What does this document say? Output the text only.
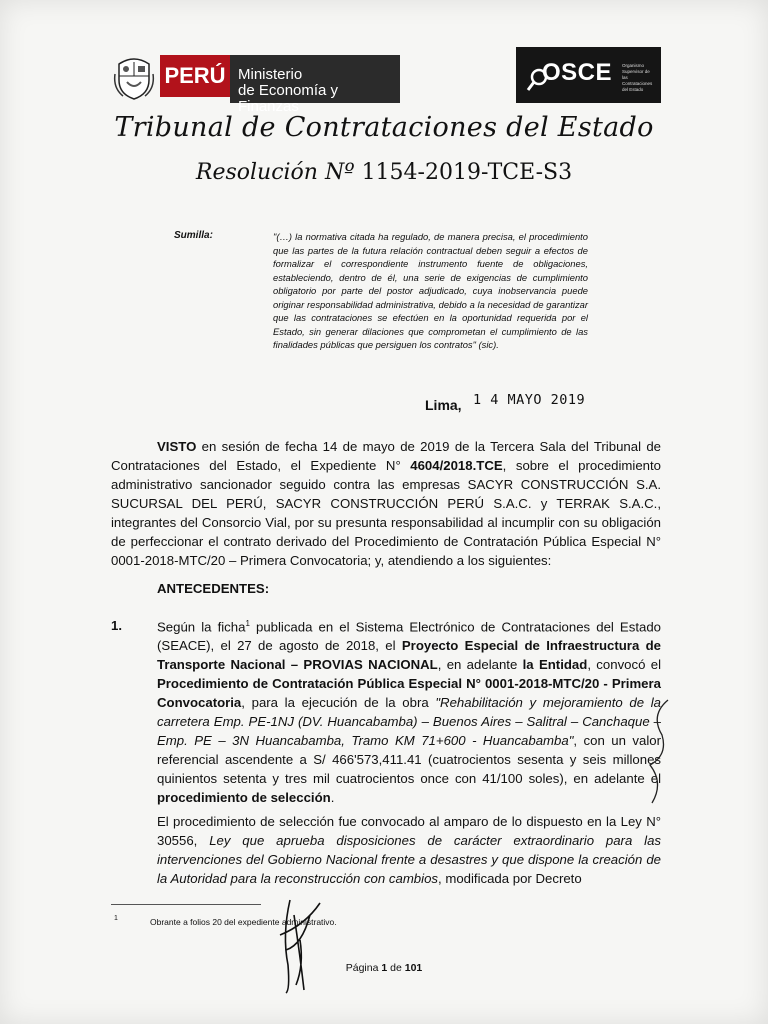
PERÚ Ministerio
de Economía y Finanzas
OSCE Organismo Supervisor de las Contrataciones del Estado
Tribunal de Contrataciones del Estado
Resolución Nº 1154-2019-TCE-S3
Sumilla:	"(…) la normativa citada ha regulado, de manera precisa, el procedimiento que las partes de la futura relación contractual deben seguir a efectos de formalizar el correspondiente instrumento fuente de obligaciones, estableciendo, dentro de él, una serie de exigencias de cumplimiento obligatorio por parte del postor adjudicado, cuya inobservancia puede originar responsabilidad administrativa, debido a la necesidad de garantizar que las contrataciones se efectúen en la oportunidad requerida por el Estado, sin generar dilaciones que comprometan el cumplimiento de las finalidades públicas que persiguen los contratos" (sic).
Lima, 1 4 MAYO 2019
VISTO en sesión de fecha 14 de mayo de 2019 de la Tercera Sala del Tribunal de Contrataciones del Estado, el Expediente N° 4604/2018.TCE, sobre el procedimiento administrativo sancionador seguido contra las empresas SACYR CONSTRUCCIÓN S.A. SUCURSAL DEL PERÚ, SACYR CONSTRUCCIÓN PERÚ S.A.C. y TERRAK S.A.C., integrantes del Consorcio Vial, por su presunta responsabilidad al incumplir con su obligación de perfeccionar el contrato derivado del Procedimiento de Contratación Pública Especial N° 0001-2018-MTC/20 – Primera Convocatoria; y, atendiendo a los siguientes:
ANTECEDENTES:
1.	Según la ficha$^1$ publicada en el Sistema Electrónico de Contrataciones del Estado (SEACE), el 27 de agosto de 2018, el Proyecto Especial de Infraestructura de Transporte Nacional – PROVIAS NACIONAL, en adelante la Entidad, convocó el Procedimiento de Contratación Pública Especial N° 0001-2018-MTC/20 - Primera Convocatoria, para la ejecución de la obra "Rehabilitación y mejoramiento de la carretera Emp. PE-1NJ (DV. Huancabamba) – Buenos Aires – Salitral – Canchaque – Emp. PE – 3N Huancabamba, Tramo KM 71+600 - Huancabamba", con un valor referencial ascendente a S/ 466'573,411.41 (cuatrocientos sesenta y seis millones quinientos setenta y tres mil cuatrocientos once con 41/100 soles), en adelante el procedimiento de selección.
El procedimiento de selección fue convocado al amparo de lo dispuesto en la Ley N° 30556, Ley que aprueba disposiciones de carácter extraordinario para las intervenciones del Gobierno Nacional frente a desastres y que dispone la creación de la Autoridad para la reconstrucción con cambios, modificada por Decreto
1	Obrante a folios 20 del expediente administrativo.
Página 1 de 101
